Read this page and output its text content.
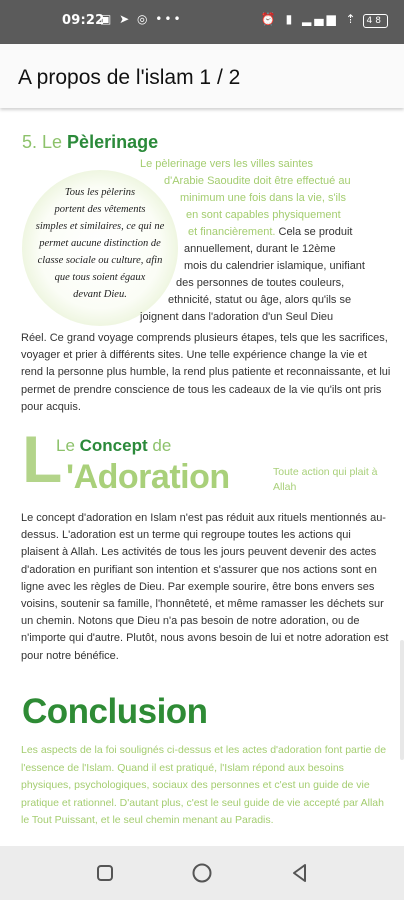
09:22
▣ ➤ ◎ •••	⏰ ▮ ▂▄▆ ⇡ 48
A propos de l'islam 1 / 2
5. Le Pèlerinage
Tous les pèlerins
portent des vêtements
simples et similaires, ce qui ne
permet aucune distinction de
classe sociale ou culture, afin
que tous soient égaux
devant Dieu.
Le pèlerinage vers les villes saintes
d'Arabie Saoudite doit être effectué au
minimum une fois dans la vie, s'ils
en sont capables physiquement
et financièrement. Cela se produit
annuellement, durant le 12ème
mois du calendrier islamique, unifiant
des personnes de toutes couleurs,
ethnicité, statut ou âge, alors qu'ils se
joignent dans l'adoration d'un Seul Dieu
Réel. Ce grand voyage comprends plusieurs étapes, tels que les sacrifices, voyager et prier à différents sites. Une telle expérience change la vie et rend la personne plus humble, la rend plus patiente et reconnaissante, et lui permet de prendre conscience de tous les cadeaux de la vie qu'ils ont pris pour acquis.
L
Le Concept de
'Adoration	Toute action qui plait à Allah
Le concept d'adoration en Islam n'est pas réduit aux rituels mentionnés au-dessus. L'adoration est un terme qui regroupe toutes les actions qui plaisent à Allah. Les activités de tous les jours peuvent devenir des actes d'adoration en purifiant son intention et s'assurer que nos actions sont en ligne avec les règles de Dieu. Par exemple sourire, être bons envers ses voisins, soutenir sa famille, l'honnêteté, et même ramasser les déchets sur un chemin. Notons que Dieu n'a pas besoin de notre adoration, ou de n'importe qui d'autre. Plutôt, nous avons besoin de lui et notre adoration est pour notre bénéfice.
Conclusion
Les aspects de la foi soulignés ci-dessus et les actes d'adoration font partie de l'essence de l'Islam. Quand il est pratiqué, l'Islam répond aux besoins physiques, psychologiques, sociaux des personnes et c'est un guide de vie pratique et rationnel. D'autant plus, c'est le seul guide de vie accepté par Allah le Tout Puissant, et le seul chemin menant au Paradis.
